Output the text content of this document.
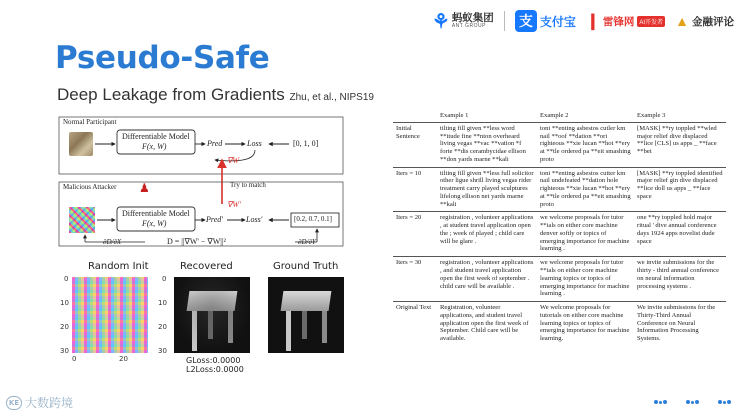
⚘ 蚂蚁集团
ANT GROUP	支 支付宝 ❙ 雷锋网 AI开发者 ▲ 金融评论
Pseudo-Safe
Deep Leakage from Gradients Zhu, et al., NIPS19
Normal Participant
Differentiable Model
F(x, W)	Pred	Loss	[0, 1, 0]
∇W
Try to match
Malicious Attacker ♟
Differentiable Model
F(x, W)	Pred'	Loss'	[0.2, 0.7, 0.1]
∇W'
∂D/∂X	D = ||∇W' − ∇W||²	∂D/∂Y
Random Init	Recovered	Ground Truth
0
10
20
30
0	20
0
10
20
30
GLoss:0.0000
L2Loss:0.0000
	Example 1	Example 2	Example 3
Initial Sentence	tilting fill given **less word **itude fine **nton overheard living vegas **vac **vation *f forte **dis cerambycidae ellison **don yards marne **kali	toni **enting asbestos cutler km nail **oof **dation **ori righteous **xie lucan **hot **ery at **tle ordered pa **eit smashing proto	[MASK] **ry toppled **wled major relief dive displaced **lice [CLS] us apps _ **face **bet
Iters = 10	tilting fill given **less full solicitor other ligue shrill living vegas rider treatment carry played sculptures lifelong ellison net yards marne **kali	toni **enting asbestos cutter km nail undefeated **dation hole righteous **xie lucan **hot **ery at **tle ordered pa **eit smashing proto	[MASK] **ry toppled identified major relief gin dive displaced **lice doll us apps _ **face space
Iters = 20	registration , volunteer applications , at student travel application open the ; week of played ; child care will be glare .	we welcome proposals for tutor **ials on either core machine denver softly or topics of emerging importance for machine learning .	one **ry toppled hold major ritual ' dive annual conference days 1924 apps novelist dude space
Iters = 30	registration , volunteer applications , and student travel application open the first week of september . child care will be available .	we welcome proposals for tutor **ials on either core machine learning topics or topics of emerging importance for machine learning .	we invite submissions for the thirty - third annual conference on neural information processing systems .
Original Text	Registration, volunteer applications, and student travel application open the first week of September. Child care will be available.	We welcome proposals for tutorials on either core machine learning topics or topics of emerging importance for machine learning.	We invite submissions for the Thirty-Third Annual Conference on Neural Information Processing Systems.
KE 大数跨境
